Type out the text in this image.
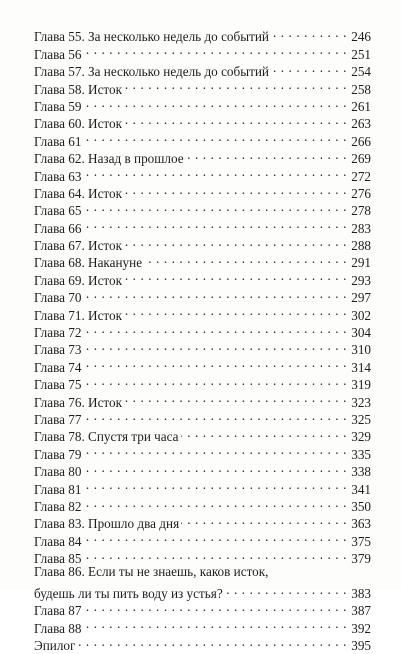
Глава 55. За несколько недель до событий . . .	246
Глава 56 . . .	251
Глава 57. За несколько недель до событий . . .	254
Глава 58. Исток . . .	258
Глава 59 . . .	261
Глава 60. Исток . . .	263
Глава 61 . . .	266
Глава 62. Назад в прошлое . . .	269
Глава 63 . . .	272
Глава 64. Исток . . .	276
Глава 65 . . .	278
Глава 66 . . .	283
Глава 67. Исток . . .	288
Глава 68. Накануне . . .	291
Глава 69. Исток . . .	293
Глава 70 . . .	297
Глава 71. Исток . . .	302
Глава 72 . . .	304
Глава 73 . . .	310
Глава 74 . . .	314
Глава 75 . . .	319
Глава 76. Исток . . .	323
Глава 77 . . .	325
Глава 78. Спустя три часа . . .	329
Глава 79 . . .	335
Глава 80 . . .	338
Глава 81 . . .	341
Глава 82 . . .	350
Глава 83. Прошло два дня . . .	363
Глава 84 . . .	375
Глава 85 . . .	379
Глава 86. Если ты не знаешь, каков исток,
будешь ли ты пить воду из устья? . . .	383
Глава 87 . . .	387
Глава 88 . . .	392
Эпилог . . .	395
